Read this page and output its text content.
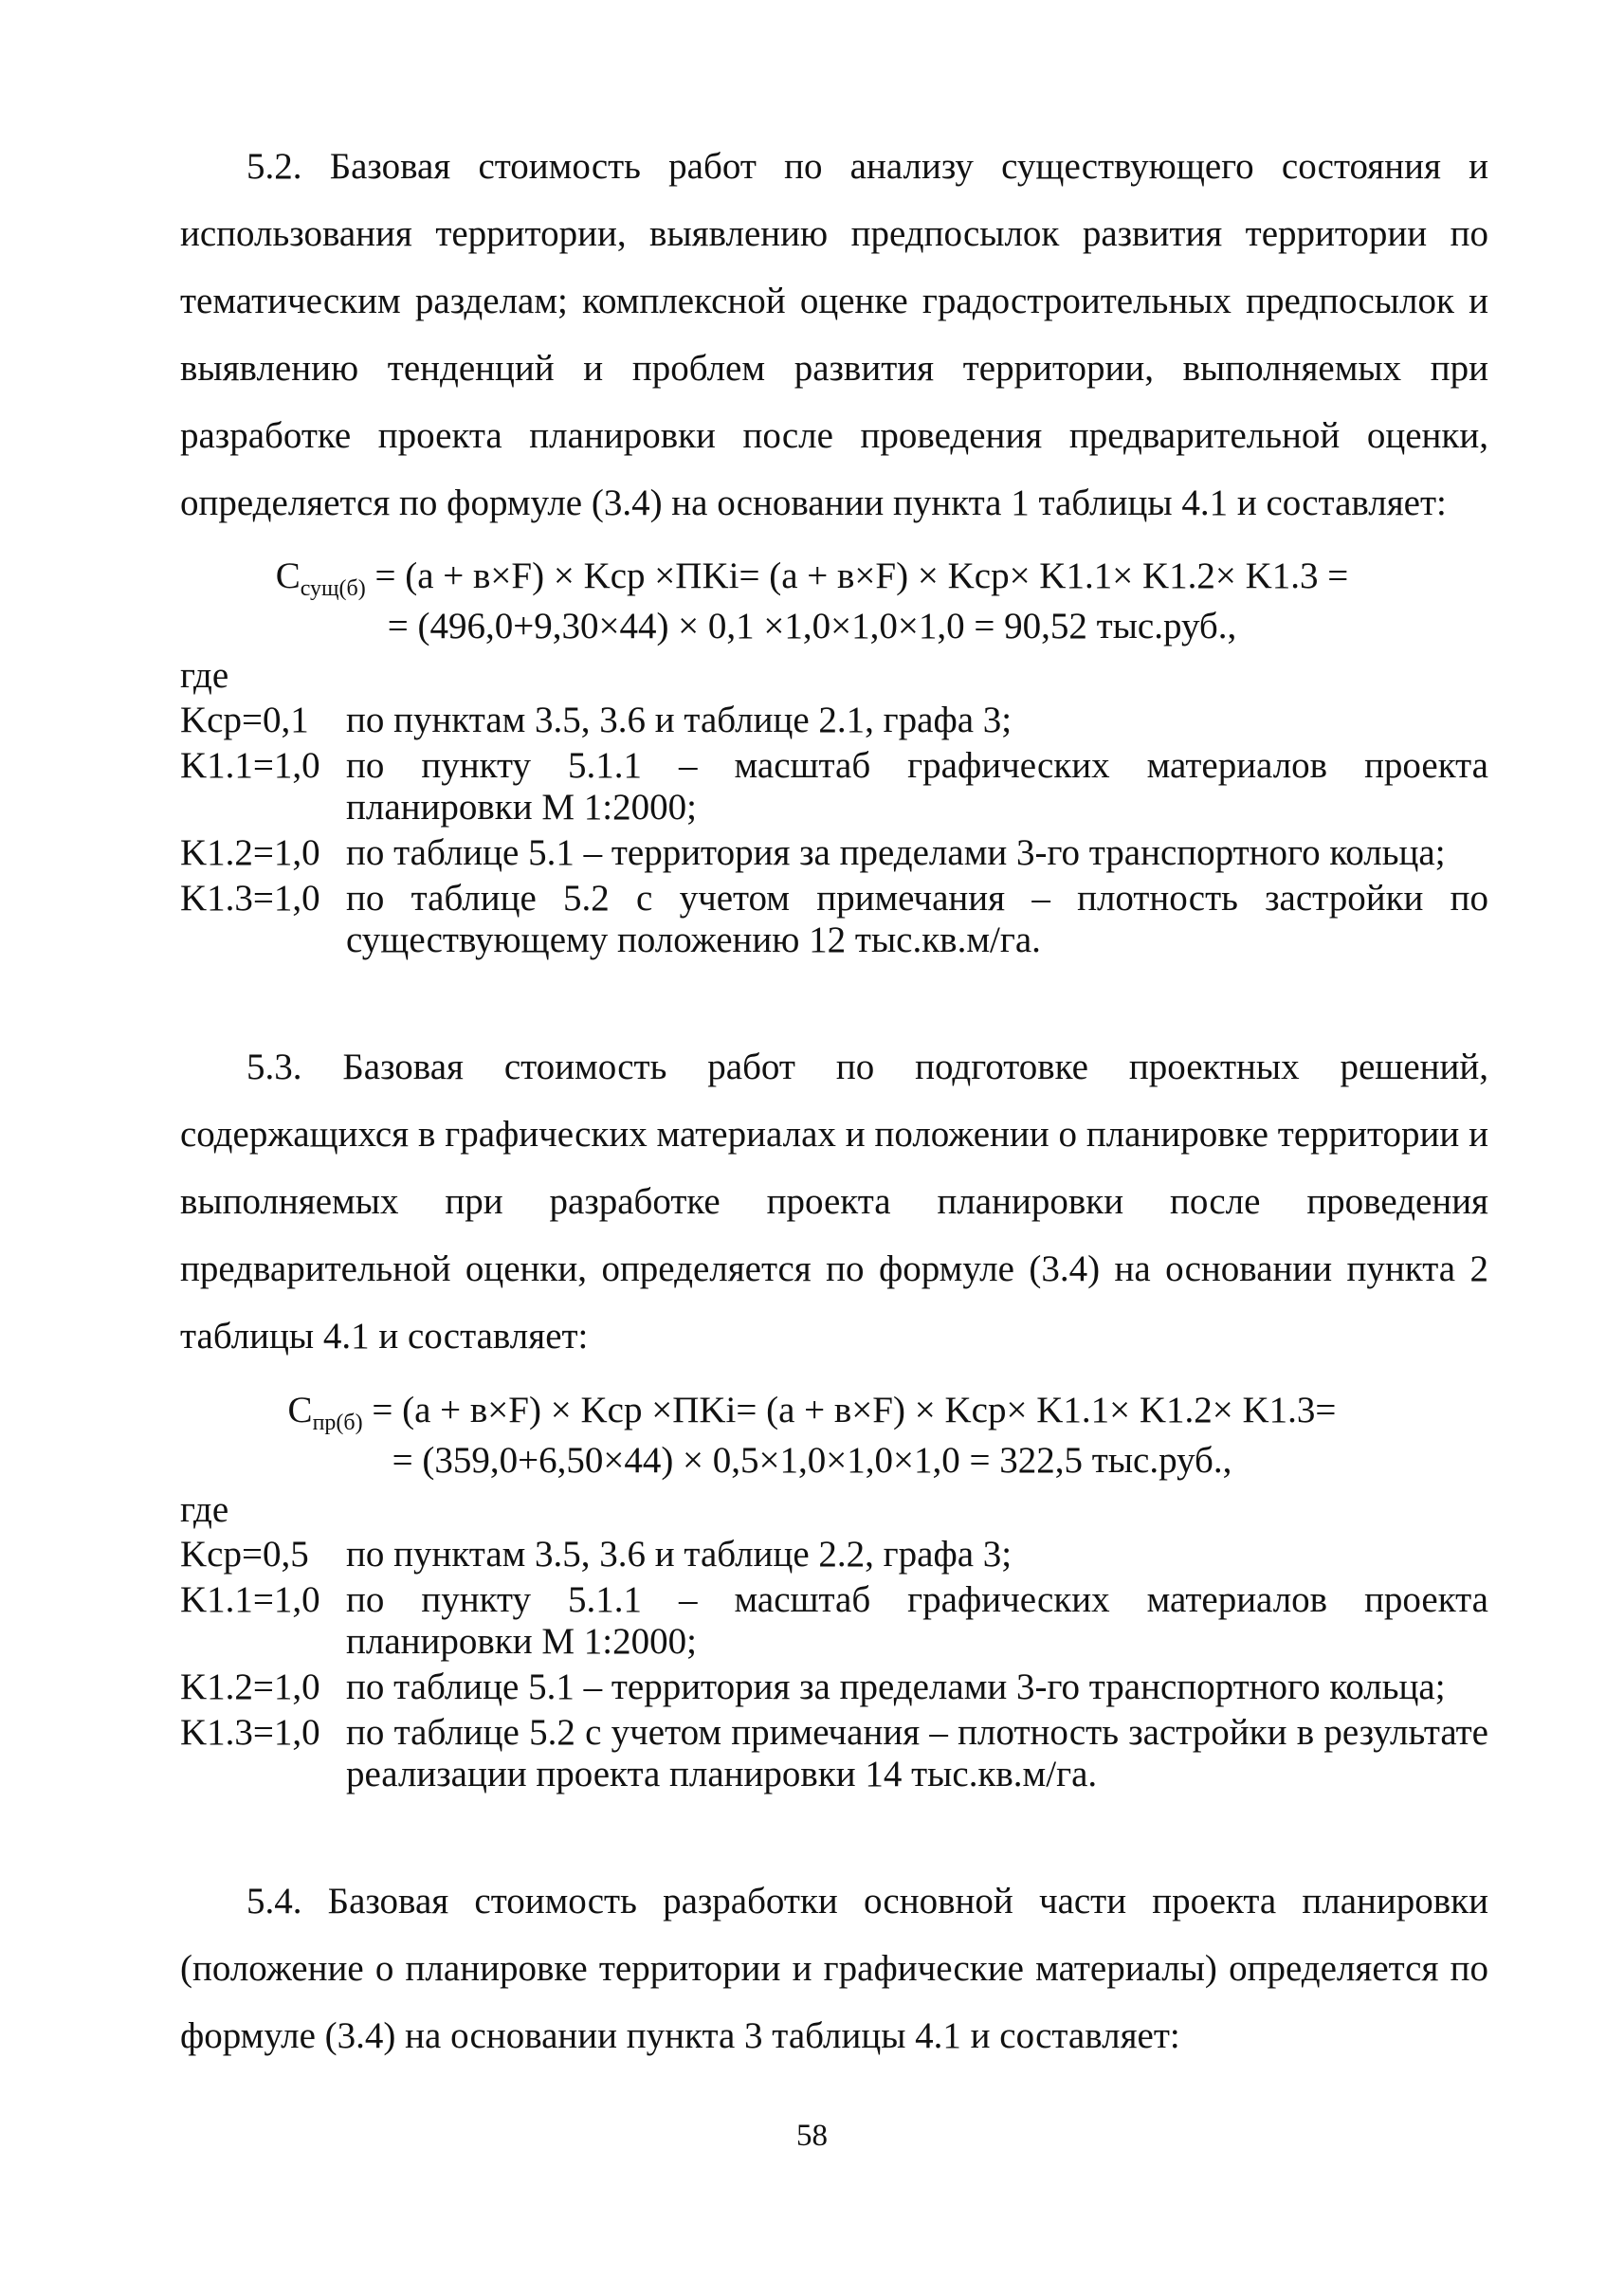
5.2. Базовая стоимость работ по анализу существующего состояния и использования территории, выявлению предпосылок развития территории по тематическим разделам; комплексной оценке градостроительных предпосылок и выявлению тенденций и проблем развития территории, выполняемых при разработке проекта планировки после проведения предварительной оценки, определяется по формуле (3.4) на основании пункта 1 таблицы 4.1 и составляет:

$С_{сущ(б)} = (а + в\times F)$ × Kср ×ПKi= (а + в×F) × Kср× K1.1× K1.2× K1.3 =
= (496,0+9,30×44) × 0,1 ×1,0×1,0×1,0 = 90,52 тыс.руб.,
где
Kср=0,1	по пунктам 3.5, 3.6 и таблице 2.1, графа 3;
K1.1=1,0 по пункту 5.1.1 – масштаб графических материалов проекта планировки М 1:2000;
K1.2=1,0 по таблице 5.1 – территория за пределами 3-го транспортного кольца;
K1.3=1,0 по таблице 5.2 с учетом примечания – плотность застройки по существующему положению 12 тыс.кв.м/га.

5.3. Базовая стоимость работ по подготовке проектных решений, содержащихся в графических материалах и положении о планировке территории и выполняемых при разработке проекта планировки после проведения предварительной оценки, определяется по формуле (3.4) на основании пункта 2 таблицы 4.1 и составляет:

$С_{пр(б)} = (а + в\times F)$ × Kср ×ПKi= (а + в×F) × Kср× K1.1× K1.2× K1.3=
= (359,0+6,50×44) × 0,5×1,0×1,0×1,0 = 322,5 тыс.руб.,
где
Kср=0,5	по пунктам 3.5, 3.6 и таблице 2.2, графа 3;
K1.1=1,0 по пункту 5.1.1 – масштаб графических материалов проекта планировки М 1:2000;
K1.2=1,0 по таблице 5.1 – территория за пределами 3-го транспортного кольца;
K1.3=1,0 по таблице 5.2 с учетом примечания – плотность застройки в результате реализации проекта планировки 14 тыс.кв.м/га.

5.4. Базовая стоимость разработки основной части проекта планировки (положение о планировке территории и графические материалы) определяется по формуле (3.4) на основании пункта 3 таблицы 4.1 и составляет:

58
